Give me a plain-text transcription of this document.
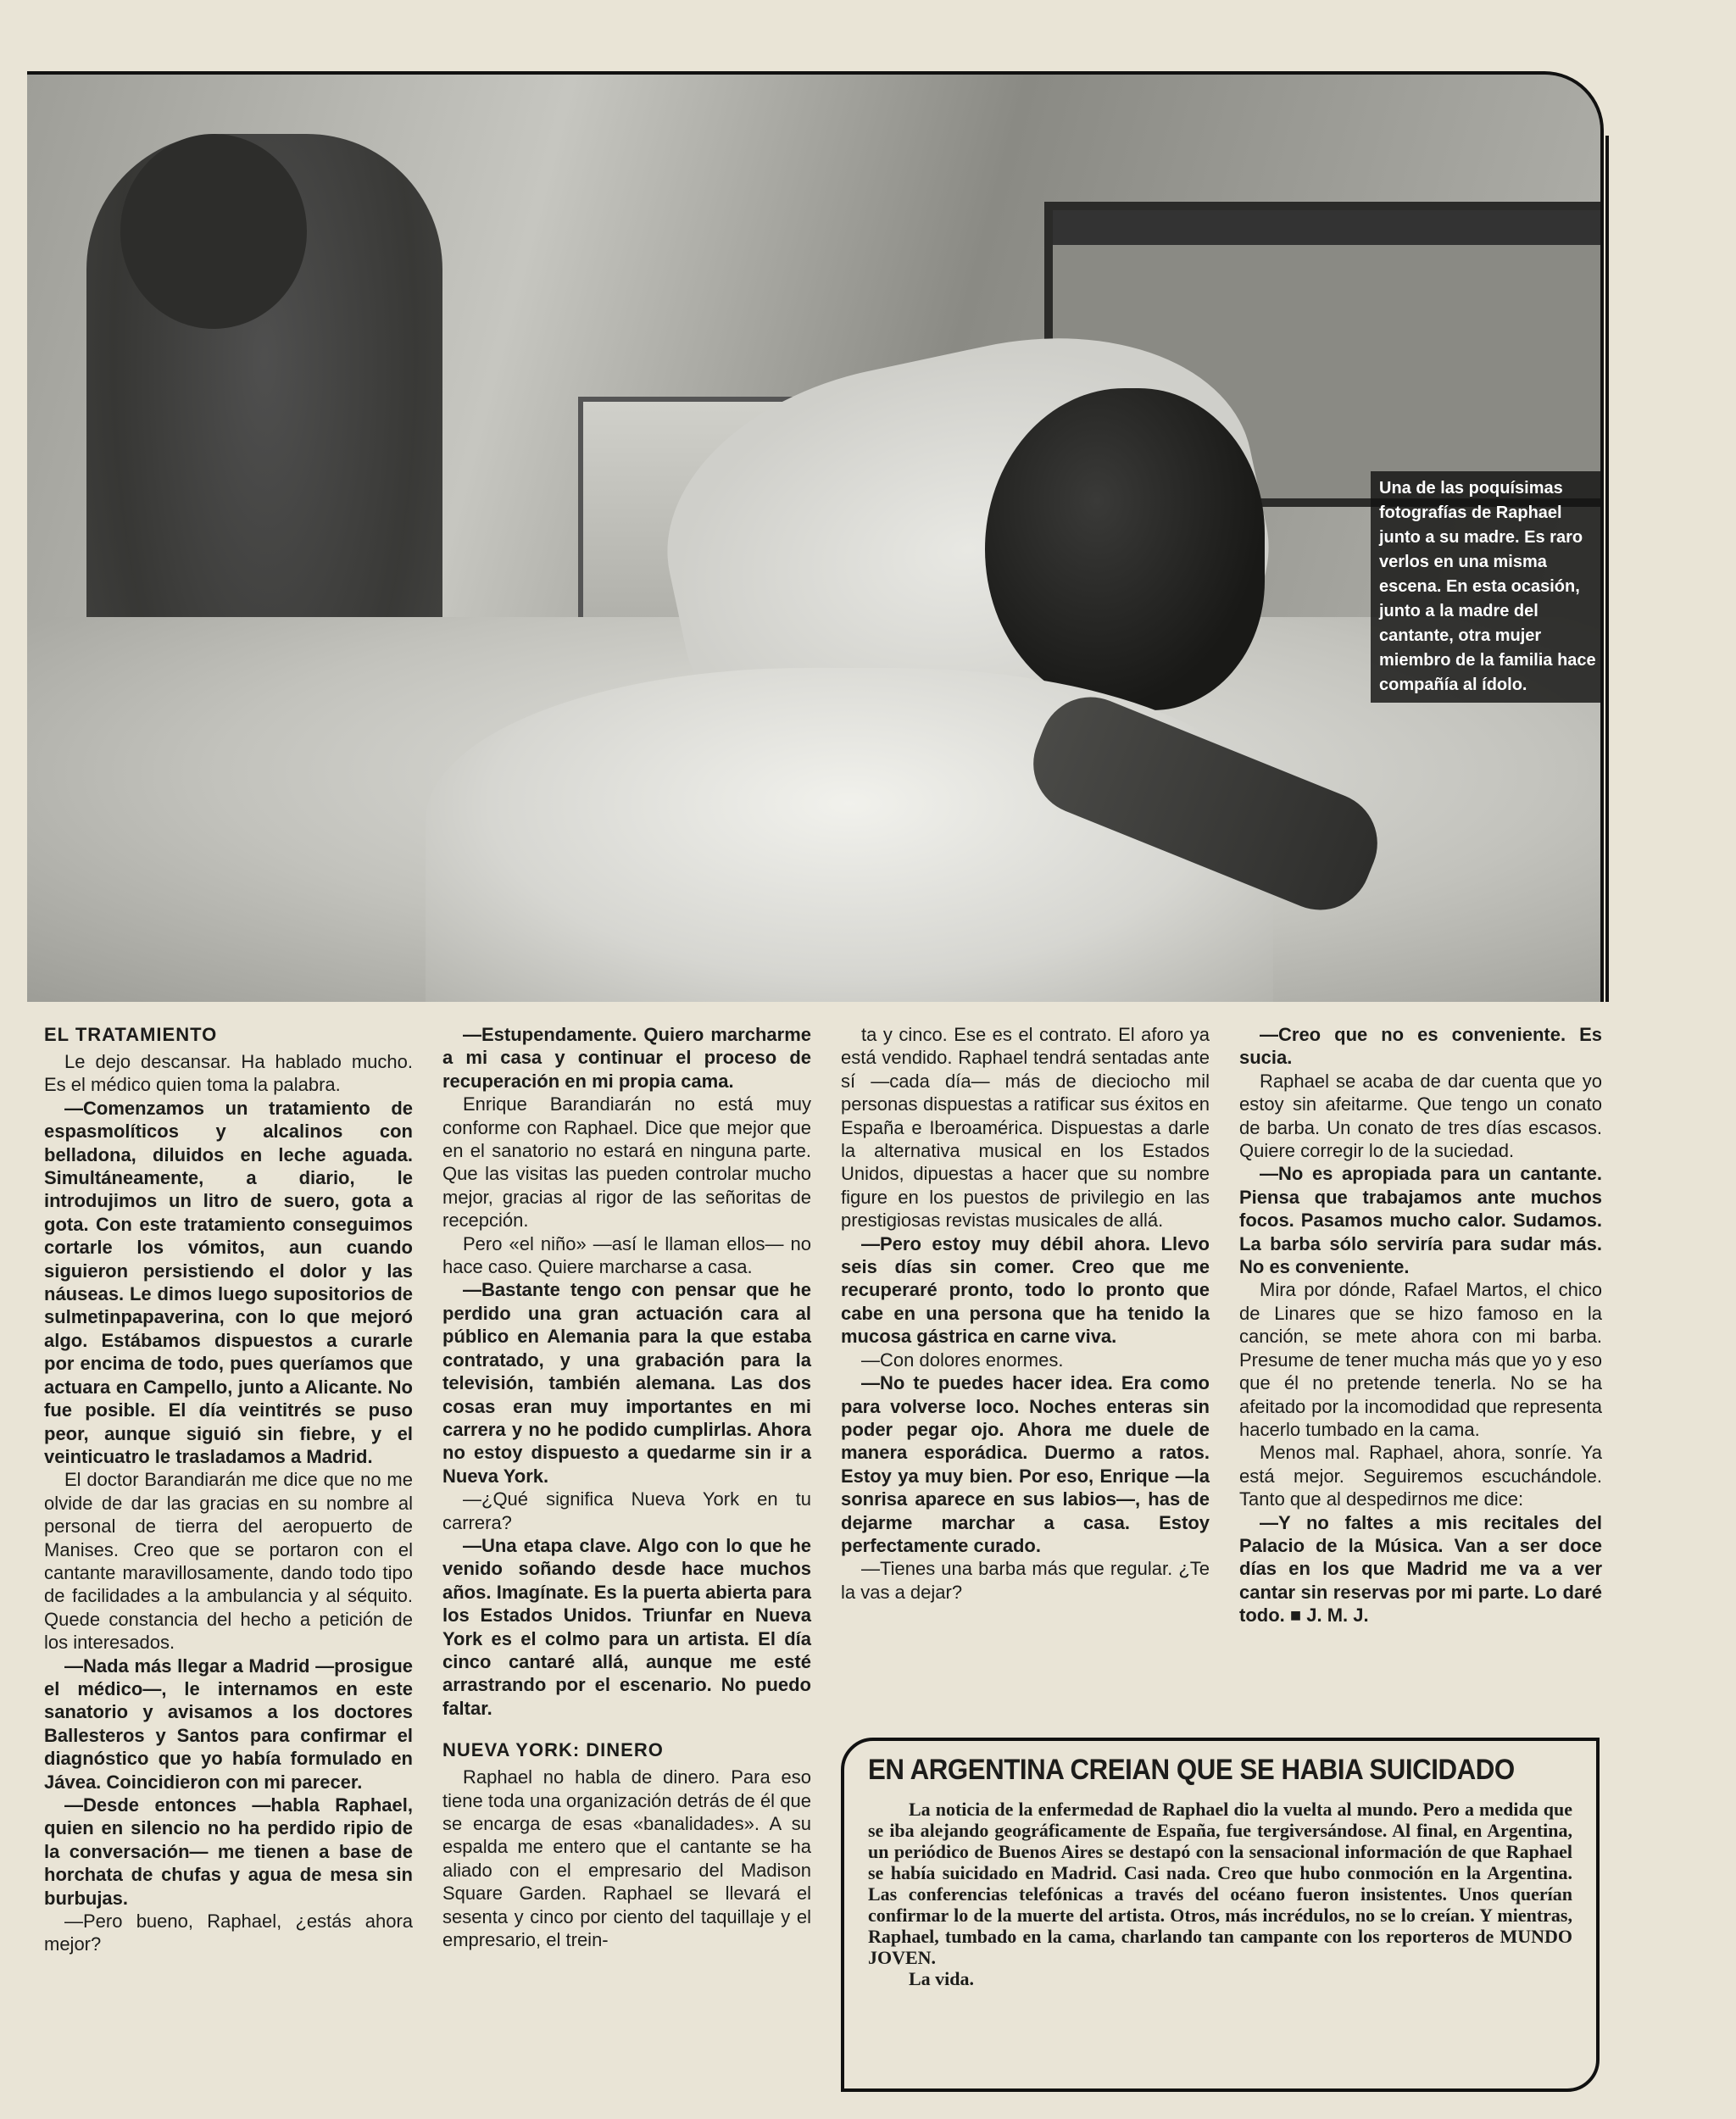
Una de las poquísimas fotografías de Raphael junto a su madre. Es raro verlos en una misma escena. En esta ocasión, junto a la madre del cantante, otra mujer miembro de la familia hace compañía al ídolo.

EL TRATAMIENTO

Le dejo descansar. Ha hablado mucho. Es el médico quien toma la palabra.

—Comenzamos un tratamiento de espasmolíticos y alcalinos con belladona, diluidos en leche aguada. Simultáneamente, a diario, le introdujimos un litro de suero, gota a gota. Con este tratamiento conseguimos cortarle los vómitos, aun cuando siguieron persistiendo el dolor y las náuseas. Le dimos luego supositorios de sulmetinpapaverina, con lo que mejoró algo. Estábamos dispuestos a curarle por encima de todo, pues queríamos que actuara en Campello, junto a Alicante. No fue posible. El día veintitrés se puso peor, aunque siguió sin fiebre, y el veinticuatro le trasladamos a Madrid.

El doctor Barandiarán me dice que no me olvide de dar las gracias en su nombre al personal de tierra del aeropuerto de Manises. Creo que se portaron con el cantante maravillosamente, dando todo tipo de facilidades a la ambulancia y al séquito. Quede constancia del hecho a petición de los interesados.

—Nada más llegar a Madrid —prosigue el médico—, le internamos en este sanatorio y avisamos a los doctores Ballesteros y Santos para confirmar el diagnóstico que yo había formulado en Jávea. Coincidieron con mi parecer.

—Desde entonces —habla Raphael, quien en silencio no ha perdido ripio de la conversación— me tienen a base de horchata de chufas y agua de mesa sin burbujas.

—Pero bueno, Raphael, ¿estás ahora mejor?

—Estupendamente. Quiero marcharme a mi casa y continuar el proceso de recuperación en mi propia cama.

Enrique Barandiarán no está muy conforme con Raphael. Dice que mejor que en el sanatorio no estará en ninguna parte. Que las visitas las pueden controlar mucho mejor, gracias al rigor de las señoritas de recepción.

Pero «el niño» —así le llaman ellos— no hace caso. Quiere marcharse a casa.

—Bastante tengo con pensar que he perdido una gran actuación cara al público en Alemania para la que estaba contratado, y una grabación para la televisión, también alemana. Las dos cosas eran muy importantes en mi carrera y no he podido cumplirlas. Ahora no estoy dispuesto a quedarme sin ir a Nueva York.

—¿Qué significa Nueva York en tu carrera?

—Una etapa clave. Algo con lo que he venido soñando desde hace muchos años. Imagínate. Es la puerta abierta para los Estados Unidos. Triunfar en Nueva York es el colmo para un artista. El día cinco cantaré allá, aunque me esté arrastrando por el escenario. No puedo faltar.

NUEVA YORK: DINERO

Raphael no habla de dinero. Para eso tiene toda una organización detrás de él que se encarga de esas «banalidades». A su espalda me entero que el cantante se ha aliado con el empresario del Madison Square Garden. Raphael se llevará el sesenta y cinco por ciento del taquillaje y el empresario, el trein-

ta y cinco. Ese es el contrato. El aforo ya está vendido. Raphael tendrá sentadas ante sí —cada día— más de dieciocho mil personas dispuestas a ratificar sus éxitos en España e Iberoamérica. Dispuestas a darle la alternativa musical en los Estados Unidos, dipuestas a hacer que su nombre figure en los puestos de privilegio en las prestigiosas revistas musicales de allá.

—Pero estoy muy débil ahora. Llevo seis días sin comer. Creo que me recuperaré pronto, todo lo pronto que cabe en una persona que ha tenido la mucosa gástrica en carne viva.

—Con dolores enormes.

—No te puedes hacer idea. Era como para volverse loco. Noches enteras sin poder pegar ojo. Ahora me duele de manera esporádica. Duermo a ratos. Estoy ya muy bien. Por eso, Enrique —la sonrisa aparece en sus labios—, has de dejarme marchar a casa. Estoy perfectamente curado.

—Tienes una barba más que regular. ¿Te la vas a dejar?

—Creo que no es conveniente. Es sucia.

Raphael se acaba de dar cuenta que yo estoy sin afeitarme. Que tengo un conato de barba. Un conato de tres días escasos. Quiere corregir lo de la suciedad.

—No es apropiada para un cantante. Piensa que trabajamos ante muchos focos. Pasamos mucho calor. Sudamos. La barba sólo serviría para sudar más. No es conveniente.

Mira por dónde, Rafael Martos, el chico de Linares que se hizo famoso en la canción, se mete ahora con mi barba. Presume de tener mucha más que yo y eso que él no pretende tenerla. No se ha afeitado por la incomodidad que representa hacerlo tumbado en la cama.

Menos mal. Raphael, ahora, sonríe. Ya está mejor. Seguiremos escuchándole. Tanto que al despedirnos me dice:

—Y no faltes a mis recitales del Palacio de la Música. Van a ser doce días en los que Madrid me va a ver cantar sin reservas por mi parte. Lo daré todo. ■ J. M. J.

EN ARGENTINA CREIAN QUE SE HABIA SUICIDADO

La noticia de la enfermedad de Raphael dio la vuelta al mundo. Pero a medida que se iba alejando geográficamente de España, fue tergiversándose. Al final, en Argentina, un periódico de Buenos Aires se destapó con la sensacional información de que Raphael se había suicidado en Madrid. Casi nada. Creo que hubo conmoción en la Argentina. Las conferencias telefónicas a través del océano fueron insistentes. Unos querían confirmar lo de la muerte del artista. Otros, más incrédulos, no se lo creían. Y mientras, Raphael, tumbado en la cama, charlando tan campante con los reporteros de MUNDO JOVEN.

La vida.
